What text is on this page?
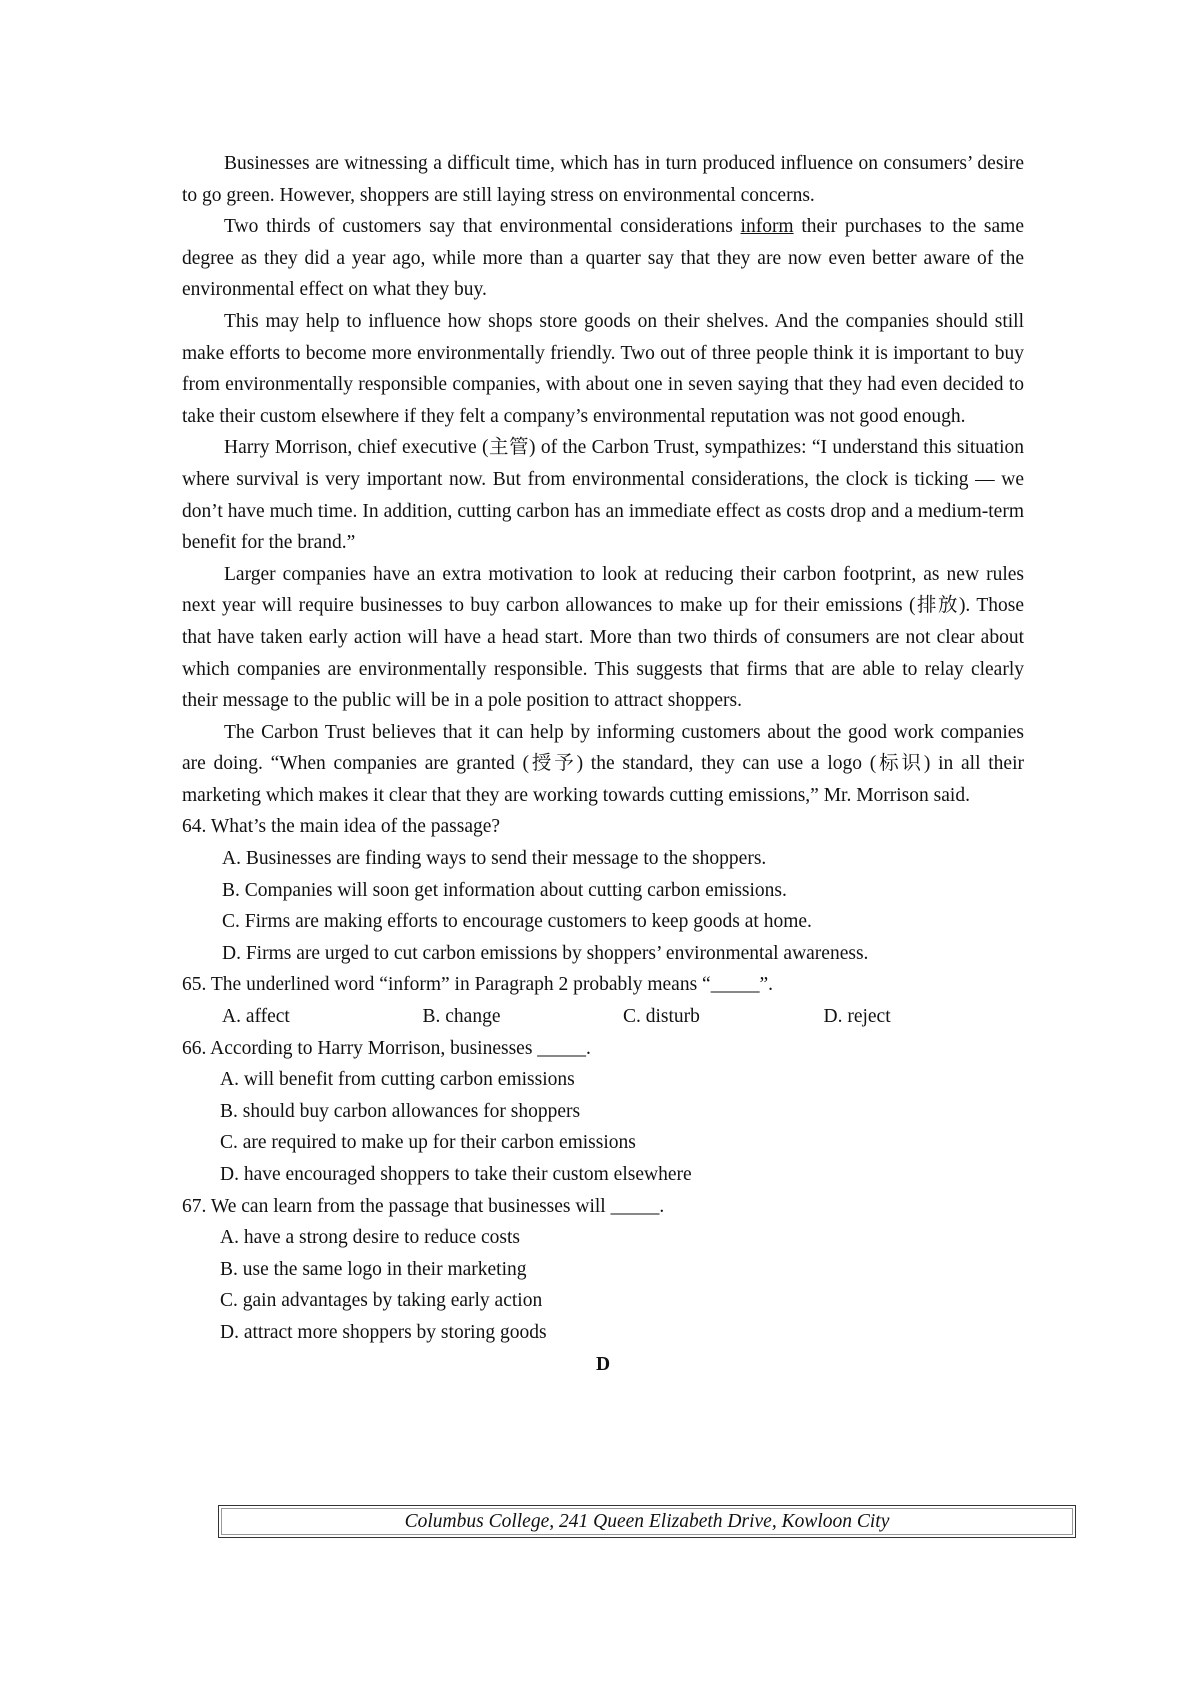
Businesses are witnessing a difficult time, which has in turn produced influence on consumers’ desire to go green. However, shoppers are still laying stress on environmental concerns.

Two thirds of customers say that environmental considerations inform their purchases to the same degree as they did a year ago, while more than a quarter say that they are now even better aware of the environmental effect on what they buy.

This may help to influence how shops store goods on their shelves. And the companies should still make efforts to become more environmentally friendly. Two out of three people think it is important to buy from environmentally responsible companies, with about one in seven saying that they had even decided to take their custom elsewhere if they felt a company’s environmental reputation was not good enough.

Harry Morrison, chief executive (主管) of the Carbon Trust, sympathizes: “I understand this situation where survival is very important now. But from environmental considerations, the clock is ticking — we don’t have much time. In addition, cutting carbon has an immediate effect as costs drop and a medium-term benefit for the brand.”

Larger companies have an extra motivation to look at reducing their carbon footprint, as new rules next year will require businesses to buy carbon allowances to make up for their emissions (排放). Those that have taken early action will have a head start. More than two thirds of consumers are not clear about which companies are environmentally responsible. This suggests that firms that are able to relay clearly their message to the public will be in a pole position to attract shoppers.

The Carbon Trust believes that it can help by informing customers about the good work companies are doing. “When companies are granted (授予) the standard, they can use a logo (标识) in all their marketing which makes it clear that they are working towards cutting emissions,” Mr. Morrison said.

64. What’s the main idea of the passage?

A. Businesses are finding ways to send their message to the shoppers.

B. Companies will soon get information about cutting carbon emissions.

C. Firms are making efforts to encourage customers to keep goods at home.

D. Firms are urged to cut carbon emissions by shoppers’ environmental awareness.

65. The underlined word “inform” in Paragraph 2 probably means “_____”.

A. affect	B. change	C. disturb	D. reject

66. According to Harry Morrison, businesses _____.

A. will benefit from cutting carbon emissions

B. should buy carbon allowances for shoppers

C. are required to make up for their carbon emissions

D. have encouraged shoppers to take their custom elsewhere

67. We can learn from the passage that businesses will _____.

A. have a strong desire to reduce costs

B. use the same logo in their marketing

C. gain advantages by taking early action

D. attract more shoppers by storing goods

D

Columbus College, 241 Queen Elizabeth Drive, Kowloon City
